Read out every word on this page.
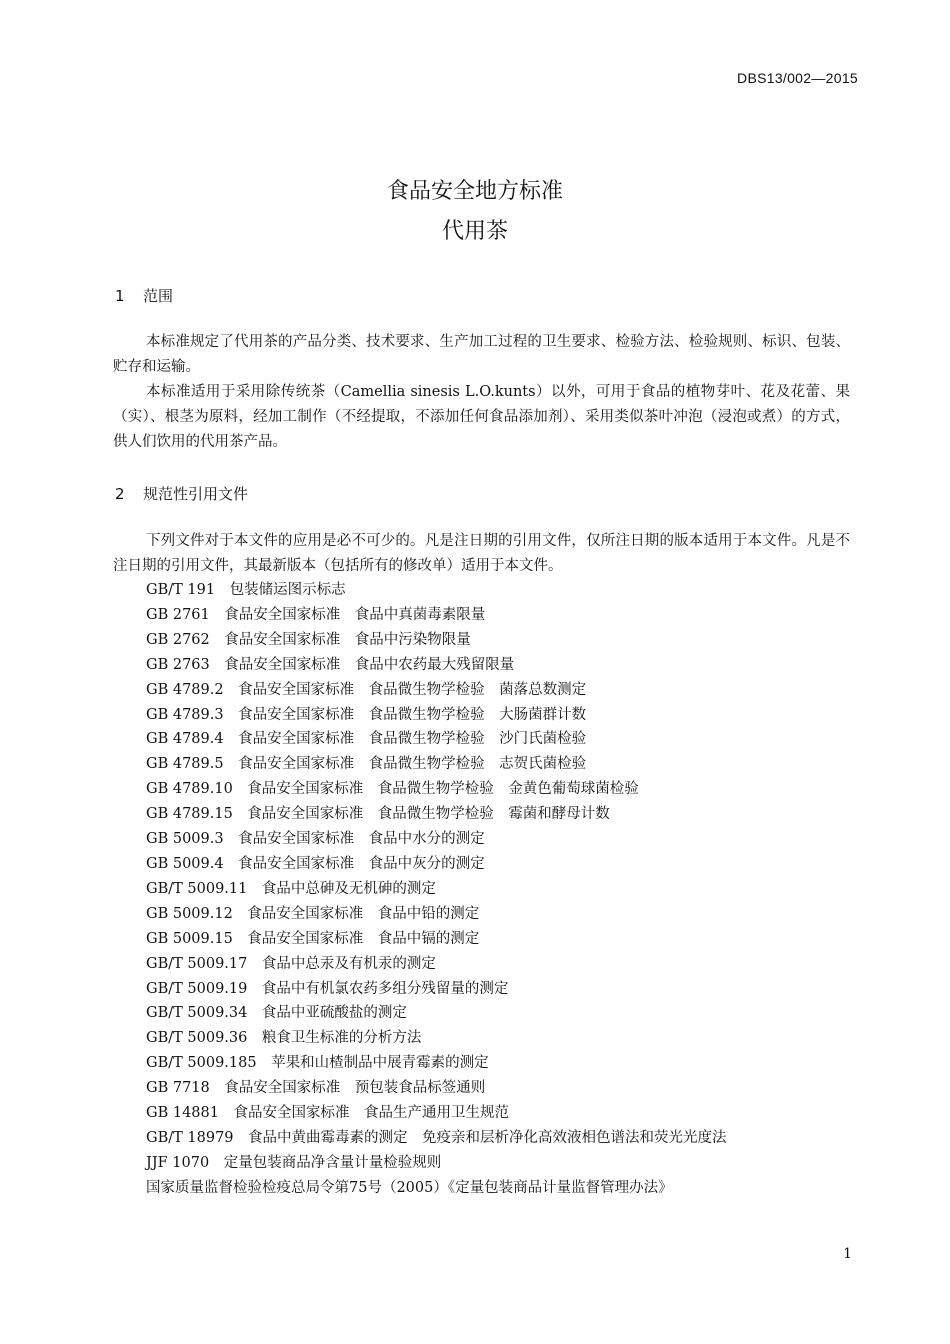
DBS13/002—2015
食品安全地方标准
代用茶
1 范围

本标准规定了代用茶的产品分类、技术要求、生产加工过程的卫生要求、检验方法、检验规则、标识、包装、贮存和运输。

本标准适用于采用除传统茶（Camellia sinesis L.O.kunts）以外，可用于食品的植物芽叶、花及花蕾、果（实）、根茎为原料，经加工制作（不经提取，不添加任何食品添加剂）、采用类似茶叶冲泡（浸泡或煮）的方式，供人们饮用的代用茶产品。

2 规范性引用文件

下列文件对于本文件的应用是必不可少的。凡是注日期的引用文件，仅所注日期的版本适用于本文件。凡是不注日期的引用文件，其最新版本（包括所有的修改单）适用于本文件。

GB/T 191　包装储运图示标志
GB 2761　食品安全国家标准　食品中真菌毒素限量
GB 2762　食品安全国家标准　食品中污染物限量
GB 2763　食品安全国家标准　食品中农药最大残留限量
GB 4789.2　食品安全国家标准　食品微生物学检验　菌落总数测定
GB 4789.3　食品安全国家标准　食品微生物学检验　大肠菌群计数
GB 4789.4　食品安全国家标准　食品微生物学检验　沙门氏菌检验
GB 4789.5　食品安全国家标准　食品微生物学检验　志贺氏菌检验
GB 4789.10　食品安全国家标准　食品微生物学检验　金黄色葡萄球菌检验
GB 4789.15　食品安全国家标准　食品微生物学检验　霉菌和酵母计数
GB 5009.3　食品安全国家标准　食品中水分的测定
GB 5009.4　食品安全国家标准　食品中灰分的测定
GB/T 5009.11　食品中总砷及无机砷的测定
GB 5009.12　食品安全国家标准　食品中铅的测定
GB 5009.15　食品安全国家标准　食品中镉的测定
GB/T 5009.17　食品中总汞及有机汞的测定
GB/T 5009.19　食品中有机氯农药多组分残留量的测定
GB/T 5009.34　食品中亚硫酸盐的测定
GB/T 5009.36　粮食卫生标准的分析方法
GB/T 5009.185　苹果和山楂制品中展青霉素的测定
GB 7718　食品安全国家标准　预包装食品标签通则
GB 14881　食品安全国家标准　食品生产通用卫生规范
GB/T 18979　食品中黄曲霉毒素的测定　免疫亲和层析净化高效液相色谱法和荧光光度法
JJF 1070　定量包装商品净含量计量检验规则
国家质量监督检验检疫总局令第75号（2005）《定量包装商品计量监督管理办法》
1
